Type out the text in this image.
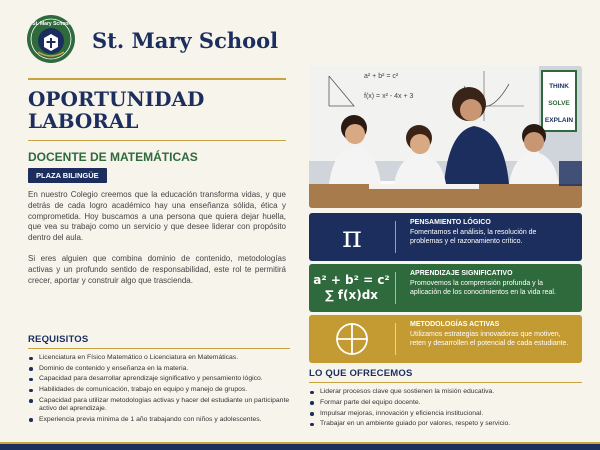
St. Mary School
St. Mary School
OPORTUNIDAD
LABORAL
DOCENTE DE MATEMÁTICAS
PLAZA BILINGÜE

En nuestro Colegio creemos que la educación transforma vidas, y que detrás de cada logro académico hay una enseñanza sólida, ética y comprometida. Hoy buscamos a una persona que quiera dejar huella, que vea su trabajo como un servicio y que desee liderar con propósito dentro del aula.

Si eres alguien que combina dominio de contenido, metodologías activas y un profundo sentido de responsabilidad, este rol te permitirá crecer, aportar y construir algo que trascienda.

REQUISITOS
Licenciatura en Físico Matemático o Licenciatura en Matemáticas.
Dominio de contenido y enseñanza en la materia.
Capacidad para desarrollar aprendizaje significativo y pensamiento lógico.
Habilidades de comunicación, trabajo en equipo y manejo de grupos.
Capacidad para utilizar metodologías activas y hacer del estudiante un participante activo del aprendizaje.
Experiencia previa mínima de 1 año trabajando con niños y adolescentes.
a² + b² = c²
f(x) = x² - 4x + 3
THINK
SOLVE
EXPLAIN
π	PENSAMIENTO LÓGICO
Fomentamos el análisis, la resolución de problemas y el razonamiento crítico.
a² + b² = c²
∑ f(x)dx
APRENDIZAJE SIGNIFICATIVO
Promovemos la comprensión profunda y la aplicación de los conocimientos en la vida real.
METODOLOGÍAS ACTIVAS
Utilizamos estrategias innovadoras que motiven, reten y desarrollen el potencial de cada estudiante.
LO QUE OFRECEMOS
Liderar procesos clave que sostienen la misión educativa.
Formar parte del equipo docente.
Impulsar mejoras, innovación y eficiencia institucional.
Trabajar en un ambiente guiado por valores, respeto y servicio.
